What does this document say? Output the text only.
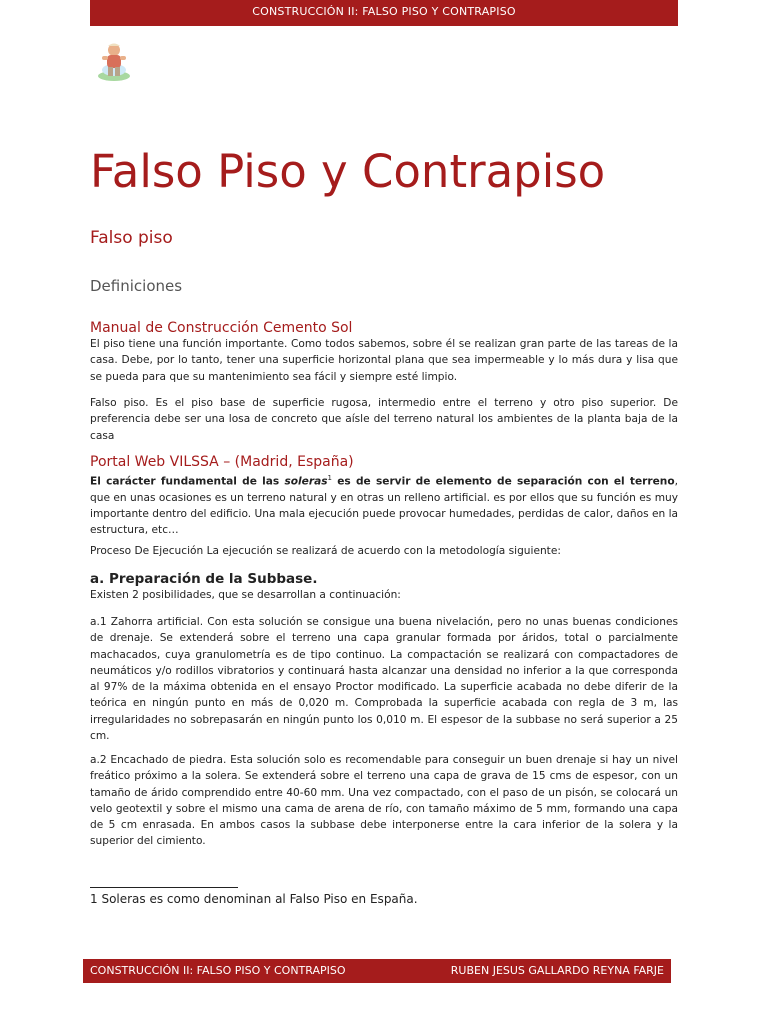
CONSTRUCCIÓN II: FALSO PISO Y CONTRAPISO
Falso Piso y Contrapiso
Falso piso
Definiciones
Manual de Construcción Cemento Sol

El piso tiene una función importante. Como todos sabemos, sobre él se realizan gran parte de las tareas de la casa. Debe, por lo tanto, tener una superficie horizontal plana que sea impermeable y lo más dura y lisa que se pueda para que su mantenimiento sea fácil y siempre esté limpio.

Falso piso. Es el piso base de superficie rugosa, intermedio entre el terreno y otro piso superior. De preferencia debe ser una losa de concreto que aísle del terreno natural los ambientes de la planta baja de la casa

Portal Web VILSSA – (Madrid, España)

El carácter fundamental de las soleras$^1$ es de servir de elemento de separación con el terreno, que en unas ocasiones es un terreno natural y en otras un relleno artificial. es por ellos que su función es muy importante dentro del edificio. Una mala ejecución puede provocar humedades, perdidas de calor, daños en la estructura, etc…

Proceso De Ejecución La ejecución se realizará de acuerdo con la metodología siguiente:

a. Preparación de la Subbase.

Existen 2 posibilidades, que se desarrollan a continuación:

a.1 Zahorra artificial. Con esta solución se consigue una buena nivelación, pero no unas buenas condiciones de drenaje. Se extenderá sobre el terreno una capa granular formada por áridos, total o parcialmente machacados, cuya granulometría es de tipo continuo. La compactación se realizará con compactadores de neumáticos y/o rodillos vibratorios y continuará hasta alcanzar una densidad no inferior a la que corresponda al 97% de la máxima obtenida en el ensayo Proctor modificado. La superficie acabada no debe diferir de la teórica en ningún punto en más de 0,020 m. Comprobada la superficie acabada con regla de 3 m, las irregularidades no sobrepasarán en ningún punto los 0,010 m. El espesor de la subbase no será superior a 25 cm.

a.2 Encachado de piedra. Esta solución solo es recomendable para conseguir un buen drenaje si hay un nivel freático próximo a la solera. Se extenderá sobre el terreno una capa de grava de 15 cms de espesor, con un tamaño de árido comprendido entre 40-60 mm. Una vez compactado, con el paso de un pisón, se colocará un velo geotextil y sobre el mismo una cama de arena de río, con tamaño máximo de 5 mm, formando una capa de 5 cm enrasada. En ambos casos la subbase debe interponerse entre la cara inferior de la solera y la superior del cimiento.

1 Soleras es como denominan al Falso Piso en España.
CONSTRUCCIÓN II: FALSO PISO Y CONTRAPISO	RUBEN JESUS GALLARDO REYNA FARJE
